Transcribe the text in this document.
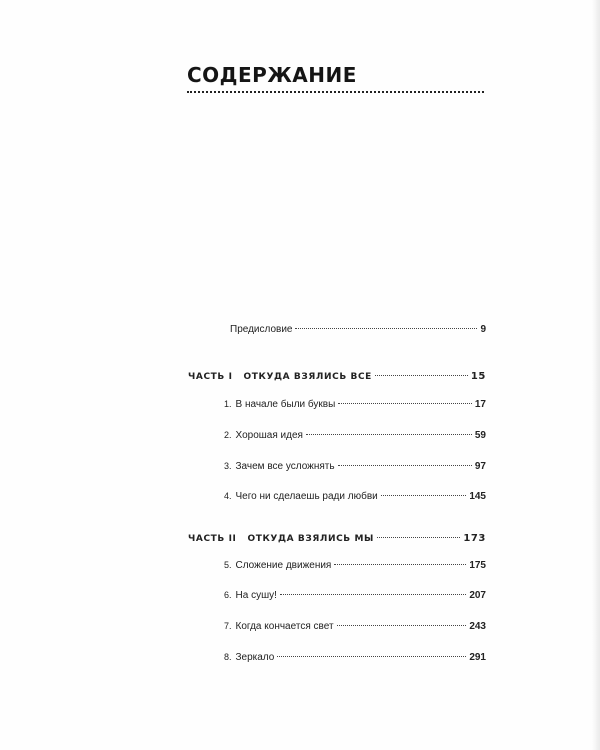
СОДЕРЖАНИЕ
Предисловие	9
ЧАСТЬ I ОТКУДА ВЗЯЛИСЬ ВСЕ	15
1. В начале были буквы	17
2. Хорошая идея	59
3. Зачем все усложнять	97
4. Чего ни сделаешь ради любви	145
ЧАСТЬ II ОТКУДА ВЗЯЛИСЬ МЫ	173
5. Сложение движения	175
6. На сушу!	207
7. Когда кончается свет	243
8. Зеркало	291
